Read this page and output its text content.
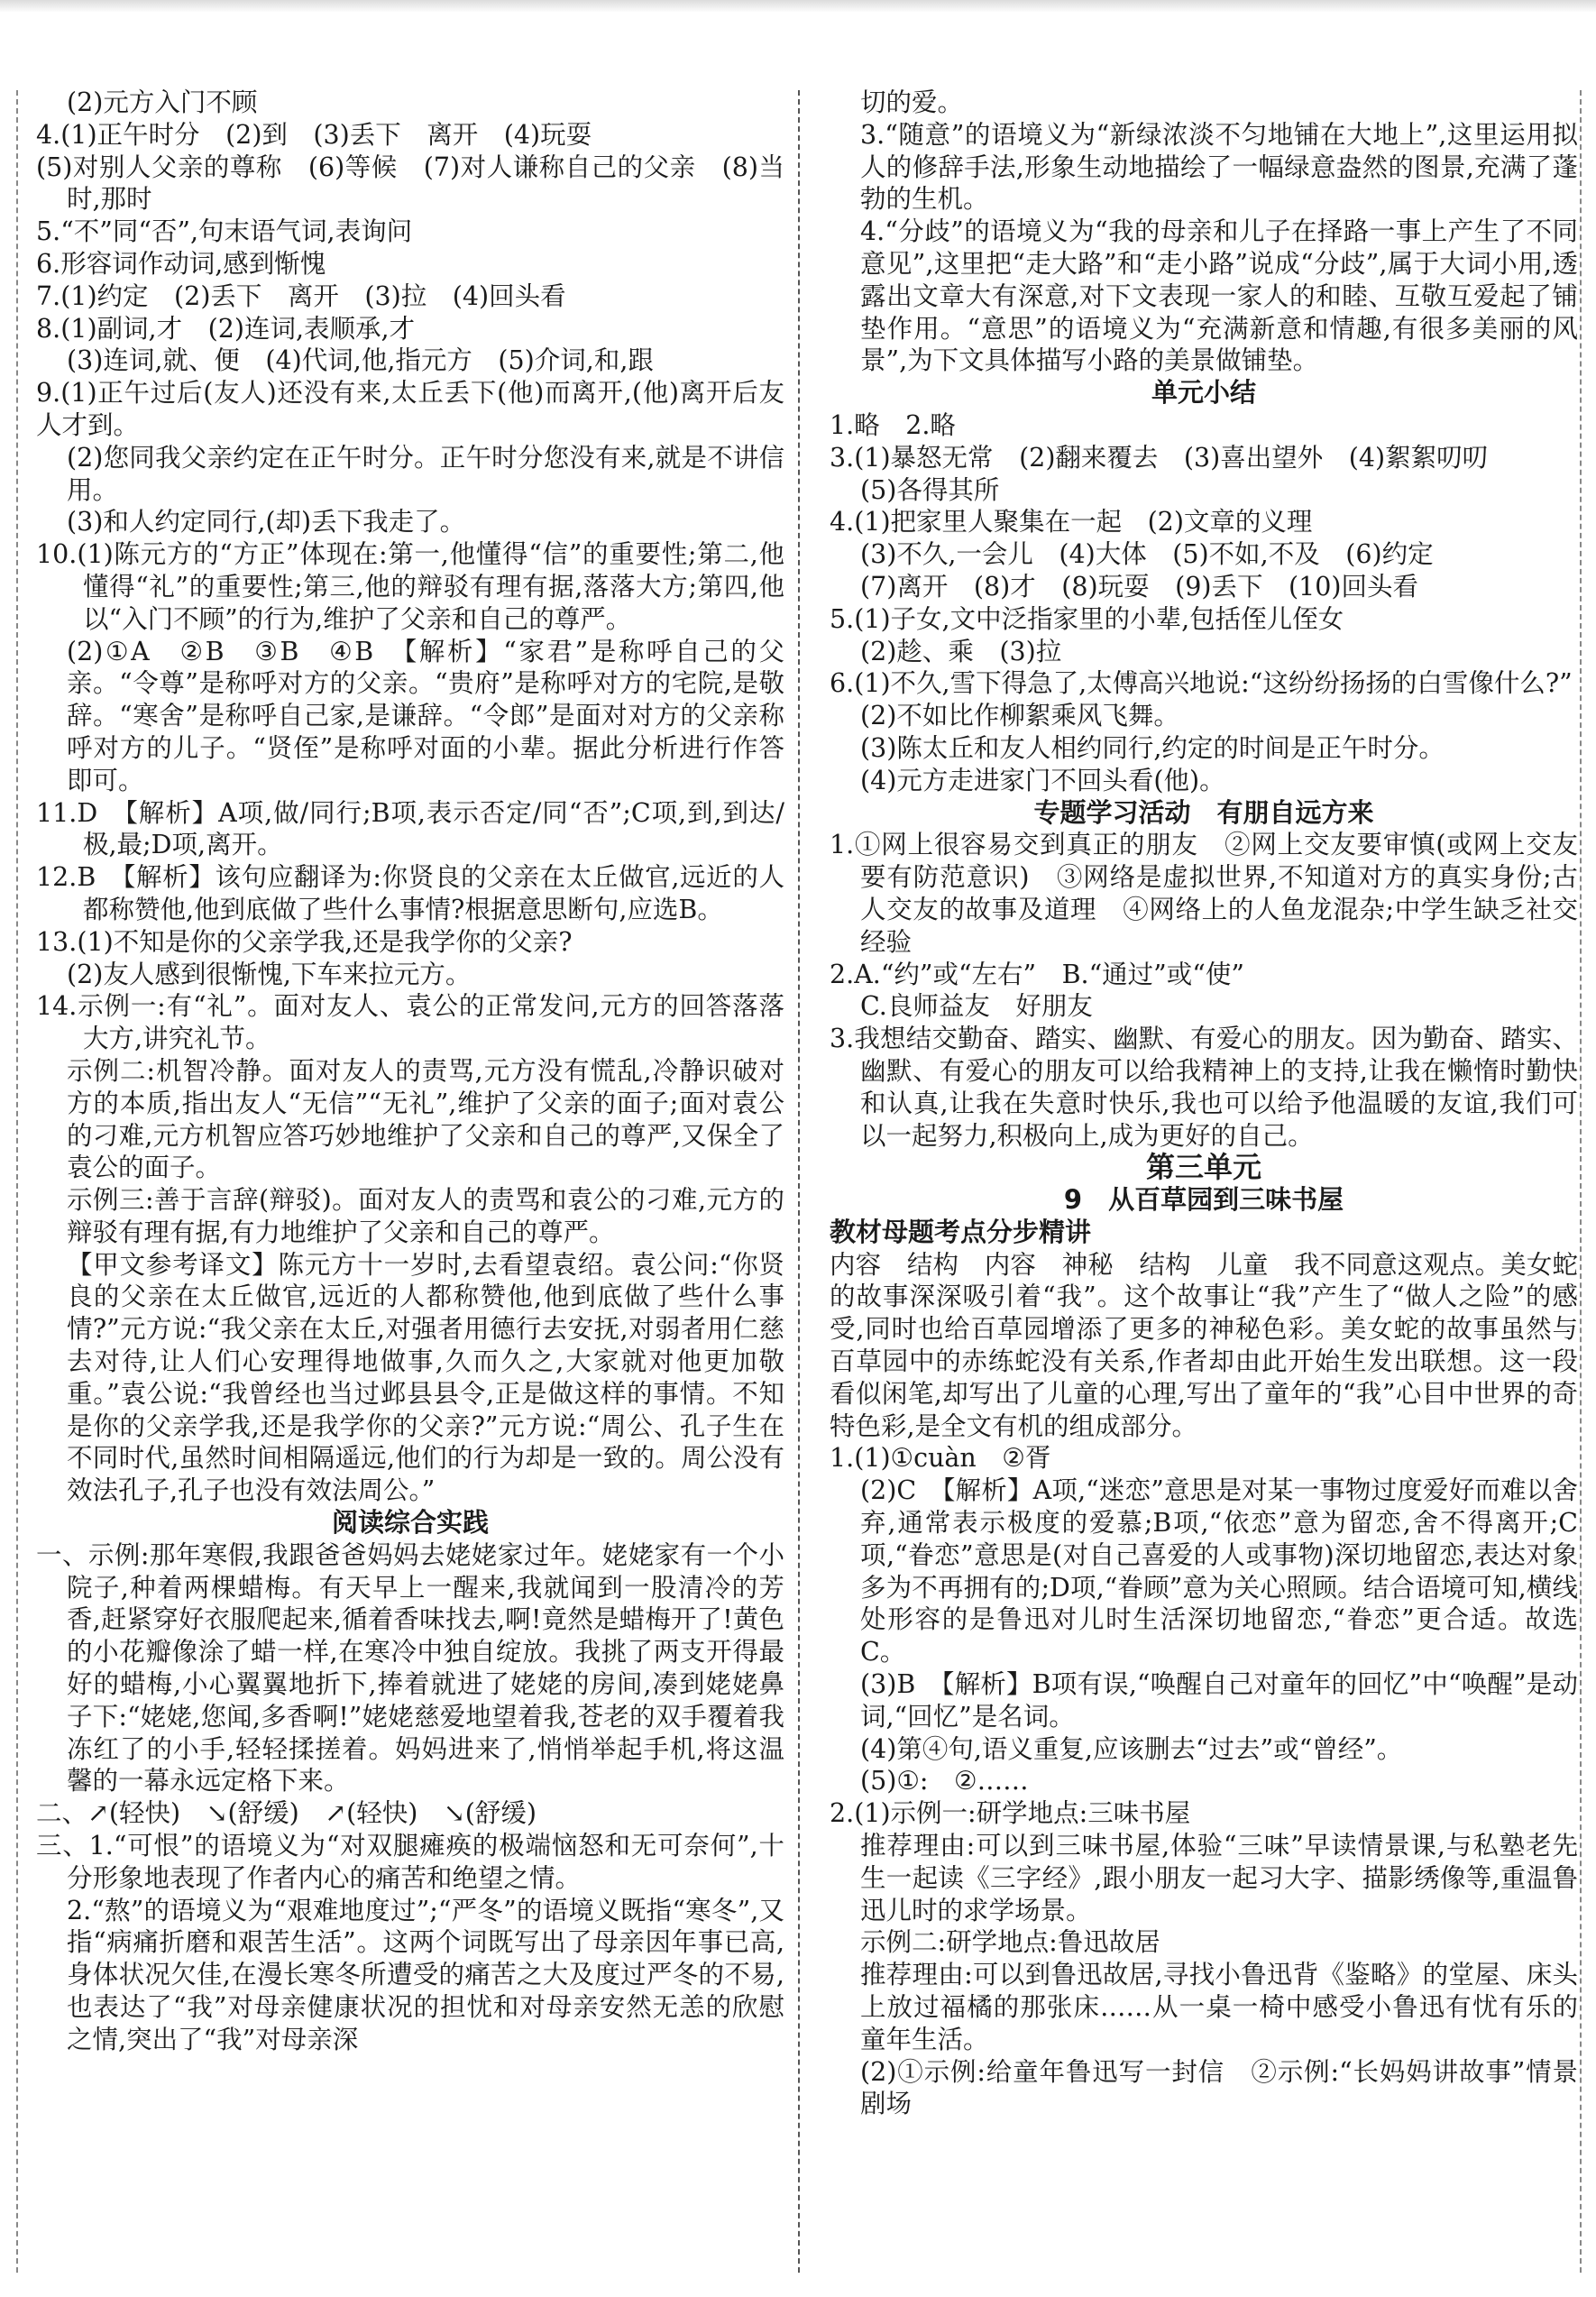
(2)元方入门不顾

4.(1)正午时分　(2)到　(3)丢下　离开　(4)玩耍

(5)对别人父亲的尊称　(6)等候　(7)对人谦称自己的父亲　(8)当时,那时

5.“不”同“否”,句末语气词,表询问

6.形容词作动词,感到惭愧

7.(1)约定　(2)丢下　离开　(3)拉　(4)回头看

8.(1)副词,才　(2)连词,表顺承,才

(3)连词,就、便　(4)代词,他,指元方　(5)介词,和,跟

9.(1)正午过后(友人)还没有来,太丘丢下(他)而离开,(他)离开后友人才到。

(2)您同我父亲约定在正午时分。正午时分您没有来,就是不讲信用。

(3)和人约定同行,(却)丢下我走了。

10.(1)陈元方的“方正”体现在:第一,他懂得“信”的重要性;第二,他懂得“礼”的重要性;第三,他的辩驳有理有据,落落大方;第四,他以“入门不顾”的行为,维护了父亲和自己的尊严。

(2)①A　②B　③B　④B　【解析】“家君”是称呼自己的父亲。“令尊”是称呼对方的父亲。“贵府”是称呼对方的宅院,是敬辞。“寒舍”是称呼自己家,是谦辞。“令郎”是面对对方的父亲称呼对方的儿子。“贤侄”是称呼对面的小辈。据此分析进行作答即可。

11.D　【解析】A项,做/同行;B项,表示否定/同“否”;C项,到,到达/极,最;D项,离开。

12.B　【解析】该句应翻译为:你贤良的父亲在太丘做官,远近的人都称赞他,他到底做了些什么事情?根据意思断句,应选B。

13.(1)不知是你的父亲学我,还是我学你的父亲?

(2)友人感到很惭愧,下车来拉元方。

14.示例一:有“礼”。面对友人、袁公的正常发问,元方的回答落落大方,讲究礼节。

示例二:机智冷静。面对友人的责骂,元方没有慌乱,冷静识破对方的本质,指出友人“无信”“无礼”,维护了父亲的面子;面对袁公的刁难,元方机智应答巧妙地维护了父亲和自己的尊严,又保全了袁公的面子。

示例三:善于言辞(辩驳)。面对友人的责骂和袁公的刁难,元方的辩驳有理有据,有力地维护了父亲和自己的尊严。

【甲文参考译文】陈元方十一岁时,去看望袁绍。袁公问:“你贤良的父亲在太丘做官,远近的人都称赞他,他到底做了些什么事情?”元方说:“我父亲在太丘,对强者用德行去安抚,对弱者用仁慈去对待,让人们心安理得地做事,久而久之,大家就对他更加敬重。”袁公说:“我曾经也当过邺县县令,正是做这样的事情。不知是你的父亲学我,还是我学你的父亲?”元方说:“周公、孔子生在不同时代,虽然时间相隔遥远,他们的行为却是一致的。周公没有效法孔子,孔子也没有效法周公。”

阅读综合实践

一、示例:那年寒假,我跟爸爸妈妈去姥姥家过年。姥姥家有一个小院子,种着两棵蜡梅。有天早上一醒来,我就闻到一股清冷的芳香,赶紧穿好衣服爬起来,循着香味找去,啊!竟然是蜡梅开了!黄色的小花瓣像涂了蜡一样,在寒冷中独自绽放。我挑了两支开得最好的蜡梅,小心翼翼地折下,捧着就进了姥姥的房间,凑到姥姥鼻子下:“姥姥,您闻,多香啊!”姥姥慈爱地望着我,苍老的双手覆着我冻红了的小手,轻轻揉搓着。妈妈进来了,悄悄举起手机,将这温馨的一幕永远定格下来。

二、↗(轻快)　↘(舒缓)　↗(轻快)　↘(舒缓)

三、1.“可恨”的语境义为“对双腿瘫痪的极端恼怒和无可奈何”,十分形象地表现了作者内心的痛苦和绝望之情。

2.“熬”的语境义为“艰难地度过”;“严冬”的语境义既指“寒冬”,又指“病痛折磨和艰苦生活”。这两个词既写出了母亲因年事已高,身体状况欠佳,在漫长寒冬所遭受的痛苦之大及度过严冬的不易,也表达了“我”对母亲健康状况的担忧和对母亲安然无恙的欣慰之情,突出了“我”对母亲深

切的爱。

3.“随意”的语境义为“新绿浓淡不匀地铺在大地上”,这里运用拟人的修辞手法,形象生动地描绘了一幅绿意盎然的图景,充满了蓬勃的生机。

4.“分歧”的语境义为“我的母亲和儿子在择路一事上产生了不同意见”,这里把“走大路”和“走小路”说成“分歧”,属于大词小用,透露出文章大有深意,对下文表现一家人的和睦、互敬互爱起了铺垫作用。“意思”的语境义为“充满新意和情趣,有很多美丽的风景”,为下文具体描写小路的美景做铺垫。

单元小结

1.略　2.略

3.(1)暴怒无常　(2)翻来覆去　(3)喜出望外　(4)絮絮叨叨

(5)各得其所

4.(1)把家里人聚集在一起　(2)文章的义理

(3)不久,一会儿　(4)大体　(5)不如,不及　(6)约定

(7)离开　(8)才　(8)玩耍　(9)丢下　(10)回头看

5.(1)子女,文中泛指家里的小辈,包括侄儿侄女

(2)趁、乘　(3)拉

6.(1)不久,雪下得急了,太傅高兴地说:“这纷纷扬扬的白雪像什么?”

(2)不如比作柳絮乘风飞舞。

(3)陈太丘和友人相约同行,约定的时间是正午时分。

(4)元方走进家门不回头看(他)。

专题学习活动　有朋自远方来

1.①网上很容易交到真正的朋友　②网上交友要审慎(或网上交友要有防范意识)　③网络是虚拟世界,不知道对方的真实身份;古人交友的故事及道理　④网络上的人鱼龙混杂;中学生缺乏社交经验

2.A.“约”或“左右”　B.“通过”或“使”

C.良师益友　好朋友

3.我想结交勤奋、踏实、幽默、有爱心的朋友。因为勤奋、踏实、幽默、有爱心的朋友可以给我精神上的支持,让我在懒惰时勤快和认真,让我在失意时快乐,我也可以给予他温暖的友谊,我们可以一起努力,积极向上,成为更好的自己。

第三单元

9　从百草园到三味书屋

教材母题考点分步精讲

内容　结构　内容　神秘　结构　儿童　我不同意这观点。美女蛇的故事深深吸引着“我”。这个故事让“我”产生了“做人之险”的感受,同时也给百草园增添了更多的神秘色彩。美女蛇的故事虽然与百草园中的赤练蛇没有关系,作者却由此开始生发出联想。这一段看似闲笔,却写出了儿童的心理,写出了童年的“我”心目中世界的奇特色彩,是全文有机的组成部分。

1.(1)①cuàn　②胥

(2)C　【解析】A项,“迷恋”意思是对某一事物过度爱好而难以舍弃,通常表示极度的爱慕;B项,“依恋”意为留恋,舍不得离开;C项,“眷恋”意思是(对自己喜爱的人或事物)深切地留恋,表达对象多为不再拥有的;D项,“眷顾”意为关心照顾。结合语境可知,横线处形容的是鲁迅对儿时生活深切地留恋,“眷恋”更合适。故选C。

(3)B　【解析】B项有误,“唤醒自己对童年的回忆”中“唤醒”是动词,“回忆”是名词。

(4)第④句,语义重复,应该删去“过去”或“曾经”。

(5)①:　②……

2.(1)示例一:研学地点:三味书屋

推荐理由:可以到三味书屋,体验“三味”早读情景课,与私塾老先生一起读《三字经》,跟小朋友一起习大字、描影绣像等,重温鲁迅儿时的求学场景。

示例二:研学地点:鲁迅故居

推荐理由:可以到鲁迅故居,寻找小鲁迅背《鉴略》的堂屋、床头上放过福橘的那张床……从一桌一椅中感受小鲁迅有忧有乐的童年生活。

(2)①示例:给童年鲁迅写一封信　②示例:“长妈妈讲故事”情景剧场
